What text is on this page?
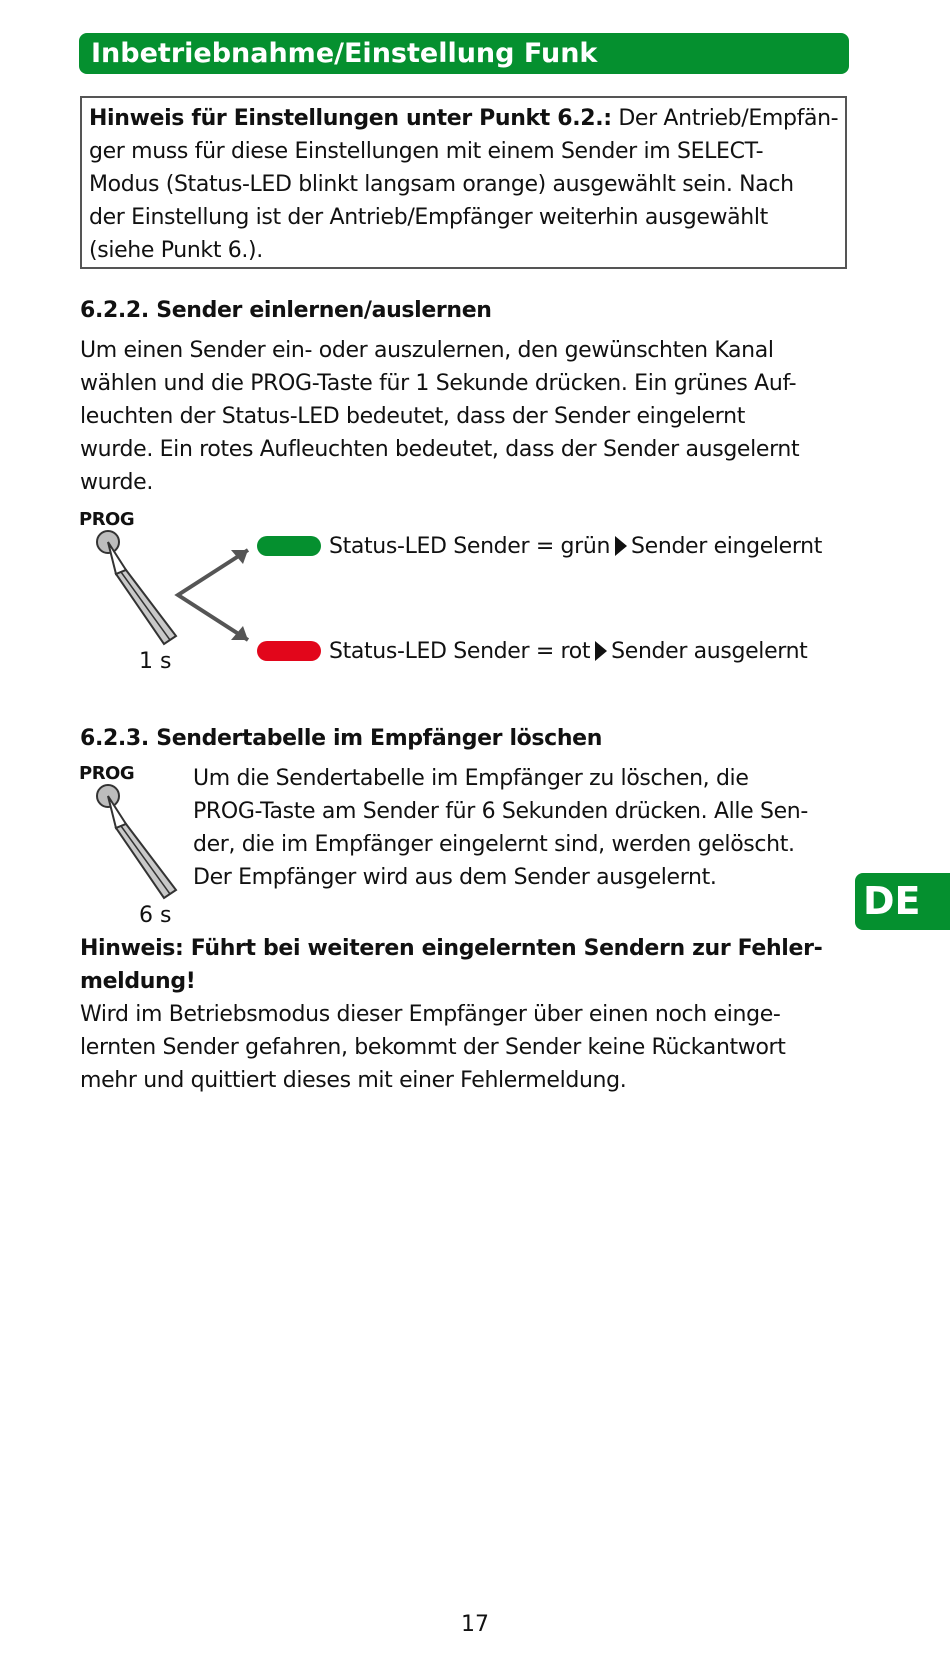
Inbetriebnahme/Einstellung Funk
Hinweis für Einstellungen unter Punkt 6.2.: Der Antrieb/Empfän-
ger muss für diese Einstellungen mit einem Sender im SELECT-
Modus (Status-LED blinkt langsam orange) ausgewählt sein. Nach
der Einstellung ist der Antrieb/Empfänger weiterhin ausgewählt
(siehe Punkt 6.).
6.2.2. Sender einlernen/auslernen
Um einen Sender ein- oder auszulernen, den gewünschten Kanal
wählen und die PROG-Taste für 1 Sekunde drücken. Ein grünes Auf-
leuchten der Status-LED bedeutet, dass der Sender eingelernt
wurde. Ein rotes Aufleuchten bedeutet, dass der Sender ausgelernt
wurde.
PROG
1 s
Status-LED Sender = grün Sender eingelernt
Status-LED Sender = rot Sender ausgelernt
6.2.3. Sendertabelle im Empfänger löschen
PROG
6 s
Um die Sendertabelle im Empfänger zu löschen, die
PROG-Taste am Sender für 6 Sekunden drücken. Alle Sen-
der, die im Empfänger eingelernt sind, werden gelöscht.
Der Empfänger wird aus dem Sender ausgelernt.
Hinweis: Führt bei weiteren eingelernten Sendern zur Fehler-
meldung!
Wird im Betriebsmodus dieser Empfänger über einen noch einge-
lernten Sender gefahren, bekommt der Sender keine Rückantwort
mehr und quittiert dieses mit einer Fehlermeldung.
DE
17
